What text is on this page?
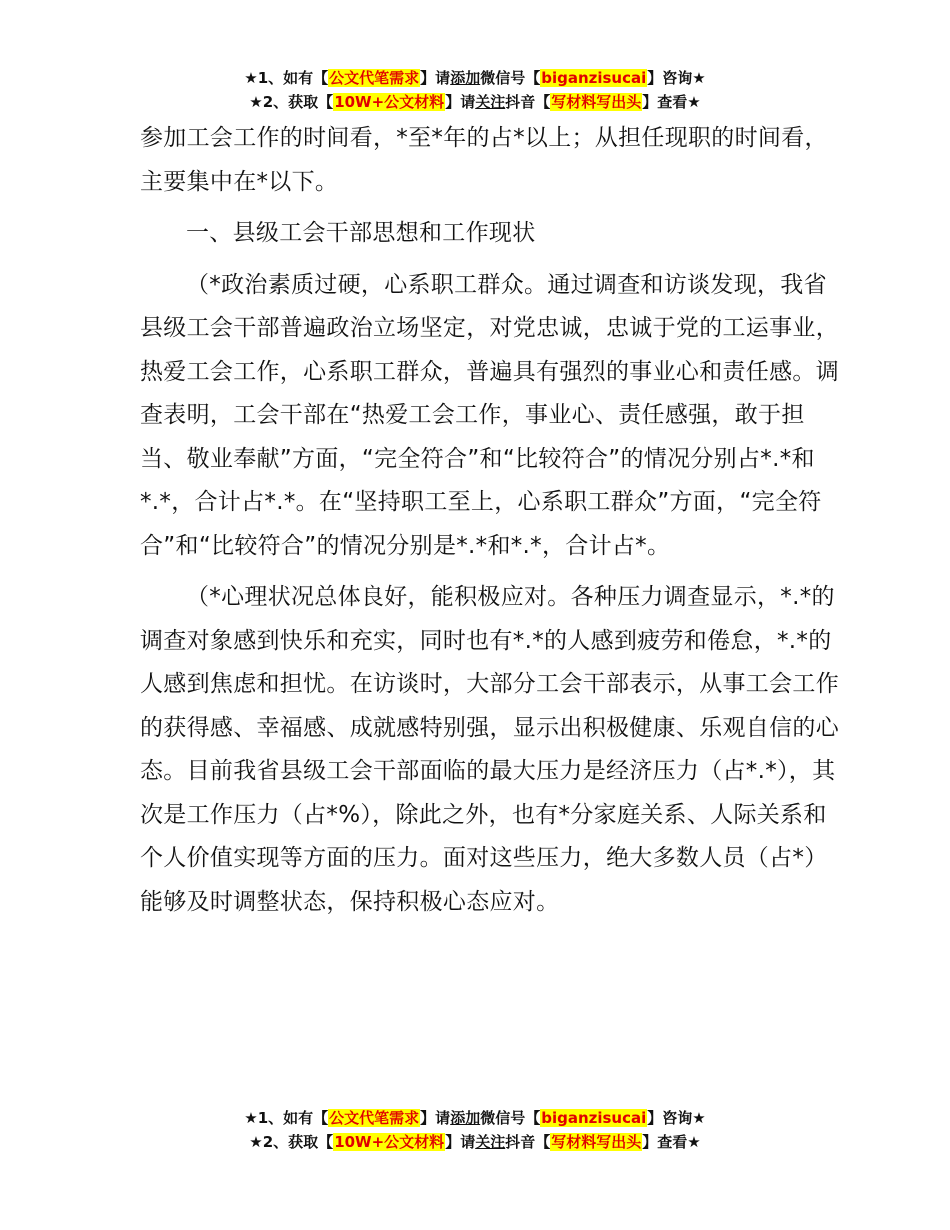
★1、如有【公文代笔需求】请添加微信号【biganzisucai】咨询★
★2、获取【10W+公文材料】请关注抖音【写材料写出头】查看★

参加工会工作的时间看，*至*年的占*以上；从担任现职的时间看，主要集中在*以下。

一、县级工会干部思想和工作现状

（*政治素质过硬，心系职工群众。通过调查和访谈发现，我省县级工会干部普遍政治立场坚定，对党忠诚，忠诚于党的工运事业，热爱工会工作，心系职工群众，普遍具有强烈的事业心和责任感。调查表明，工会干部在“热爱工会工作，事业心、责任感强，敢于担当、敬业奉献”方面，“完全符合”和“比较符合”的情况分别占*.*和*.*，合计占*.*。在“坚持职工至上，心系职工群众”方面，“完全符合”和“比较符合”的情况分别是*.*和*.*，合计占*。

（*心理状况总体良好，能积极应对。各种压力调查显示，*.*的调查对象感到快乐和充实，同时也有*.*的人感到疲劳和倦怠，*.*的人感到焦虑和担忧。在访谈时，大部分工会干部表示，从事工会工作的获得感、幸福感、成就感特别强，显示出积极健康、乐观自信的心态。目前我省县级工会干部面临的最大压力是经济压力（占*.*），其次是工作压力（占*%），除此之外，也有*分家庭关系、人际关系和个人价值实现等方面的压力。面对这些压力，绝大多数人员（占*）能够及时调整状态，保持积极心态应对。

★1、如有【公文代笔需求】请添加微信号【biganzisucai】咨询★
★2、获取【10W+公文材料】请关注抖音【写材料写出头】查看★
